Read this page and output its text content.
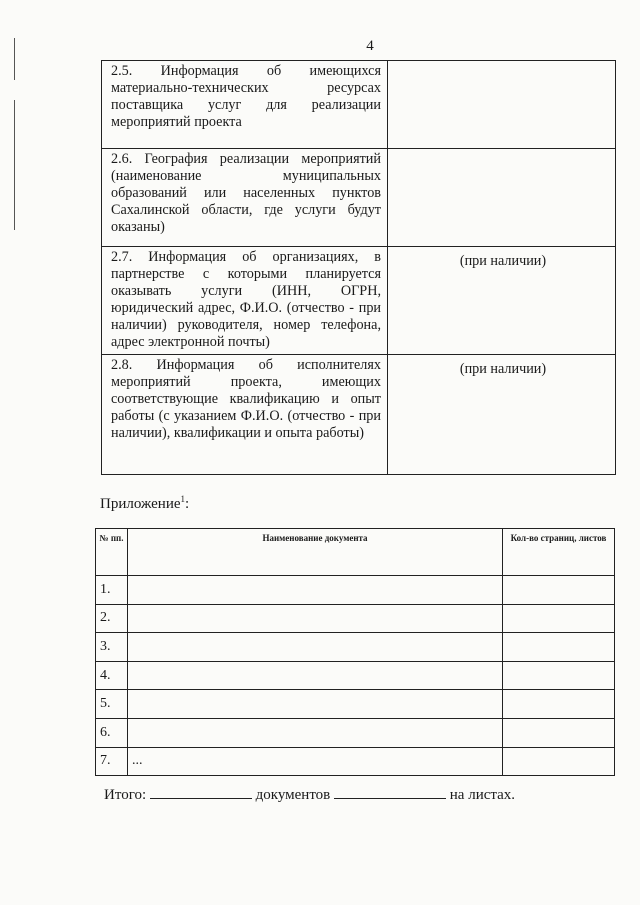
4
2.5. Информация об имеющихся материально-технических ресурсах поставщика услуг для реализации мероприятий проекта	
2.6. География реализации мероприятий (наименование муниципальных образований или населенных пунктов Сахалинской области, где услуги будут оказаны)	
2.7. Информация об организациях, в партнерстве с которыми планируется оказывать услуги (ИНН, ОГРН, юридический адрес, Ф.И.О. (отчество - при наличии) руководителя, номер телефона, адрес электронной почты)	(при наличии)
2.8. Информация об исполнителях мероприятий проекта, имеющих соответствующие квалификацию и опыт работы (с указанием Ф.И.О. (отчество - при наличии), квалификации и опыта работы)	(при наличии)
Приложение$^1$:
№ пп.	Наименование документа	Кол-во страниц, листов
1.		
2.		
3.		
4.		
5.		
6.		
7.	...	
Итого:	документов	на листах.
